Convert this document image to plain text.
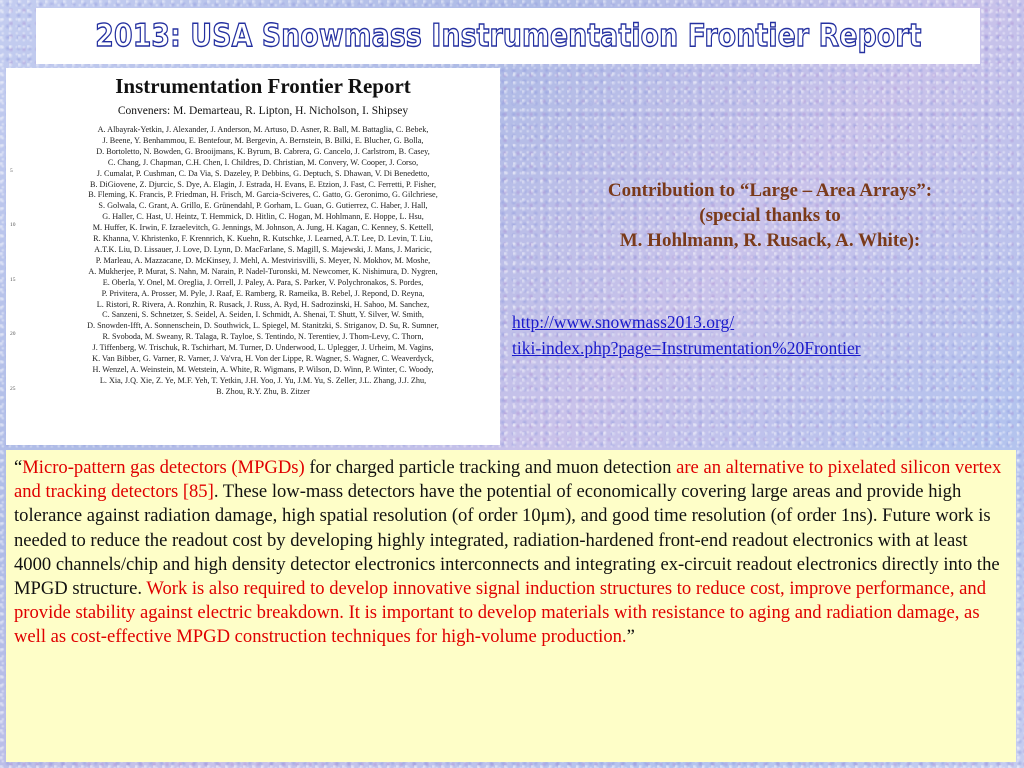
2013: USA Snowmass Instrumentation Frontier Report
5
10
15
20
25
Instrumentation Frontier Report
Conveners: M. Demarteau, R. Lipton, H. Nicholson, I. Shipsey
A. Albayrak-Yetkin, J. Alexander, J. Anderson, M. Artuso, D. Asner, R. Ball, M. Battaglia, C. Bebek,
J. Beene, Y. Benhammou, E. Bentefour, M. Bergevin, A. Bernstein, B. Bilki, E. Blucher, G. Bolla,
D. Bortoletto, N. Bowden, G. Brooijmans, K. Byrum, B. Cabrera, G. Cancelo, J. Carlstrom, B. Casey,
C. Chang, J. Chapman, C.H. Chen, I. Childres, D. Christian, M. Convery, W. Cooper, J. Corso,
J. Cumalat, P. Cushman, C. Da Via, S. Dazeley, P. Debbins, G. Deptuch, S. Dhawan, V. Di Benedetto,
B. DiGiovene, Z. Djurcic, S. Dye, A. Elagin, J. Estrada, H. Evans, E. Etzion, J. Fast, C. Ferretti, P. Fisher,
B. Fleming, K. Francis, P. Friedman, H. Frisch, M. Garcia-Sciveres, C. Gatto, G. Geronimo, G. Gilchriese,
S. Golwala, C. Grant, A. Grillo, E. Grünendahl, P. Gorham, L. Guan, G. Gutierrez, C. Haber, J. Hall,
G. Haller, C. Hast, U. Heintz, T. Hemmick, D. Hitlin, C. Hogan, M. Hohlmann, E. Hoppe, L. Hsu,
M. Huffer, K. Irwin, F. Izraelevitch, G. Jennings, M. Johnson, A. Jung, H. Kagan, C. Kenney, S. Kettell,
R. Khanna, V. Khristenko, F. Krennrich, K. Kuehn, R. Kutschke, J. Learned, A.T. Lee, D. Levin, T. Liu,
A.T.K. Liu, D. Lissauer, J. Love, D. Lynn, D. MacFarlane, S. Magill, S. Majewski, J. Mans, J. Maricic,
P. Marleau, A. Mazzacane, D. McKinsey, J. Mehl, A. Mestvirisvilli, S. Meyer, N. Mokhov, M. Moshe,
A. Mukherjee, P. Murat, S. Nahn, M. Narain, P. Nadel-Turonski, M. Newcomer, K. Nishimura, D. Nygren,
E. Oberla, Y. Onel, M. Oreglia, J. Orrell, J. Paley, A. Para, S. Parker, V. Polychronakos, S. Pordes,
P. Privitera, A. Prosser, M. Pyle, J. Raaf, E. Ramberg, R. Rameika, B. Rebel, J. Repond, D. Reyna,
L. Ristori, R. Rivera, A. Ronzhin, R. Rusack, J. Russ, A. Ryd, H. Sadrozinski, H. Sahoo, M. Sanchez,
C. Sanzeni, S. Schnetzer, S. Seidel, A. Seiden, I. Schmidt, A. Shenai, T. Shutt, Y. Silver, W. Smith,
D. Snowden-Ifft, A. Sonnenschein, D. Southwick, L. Spiegel, M. Stanitzki, S. Striganov, D. Su, R. Sumner,
R. Svoboda, M. Sweany, R. Talaga, R. Tayloe, S. Tentindo, N. Terentiev, J. Thom-Levy, C. Thorn,
J. Tiffenberg, W. Trischuk, R. Tschirhart, M. Turner, D. Underwood, L. Uplegger, J. Urheim, M. Vagins,
K. Van Bibber, G. Varner, R. Varner, J. Va'vra, H. Von der Lippe, R. Wagner, S. Wagner, C. Weaverdyck,
H. Wenzel, A. Weinstein, M. Wetstein, A. White, R. Wigmans, P. Wilson, D. Winn, P. Winter, C. Woody,
L. Xia, J.Q. Xie, Z. Ye, M.F. Yeh, T. Yetkin, J.H. Yoo, J. Yu, J.M. Yu, S. Zeller, J.L. Zhang, J.J. Zhu,
B. Zhou, R.Y. Zhu, B. Zitzer
Contribution to “Large – Area Arrays”:
(special thanks to
M. Hohlmann, R. Rusack, A. White):
http://www.snowmass2013.org/
tiki-index.php?page=Instrumentation%20Frontier
“Micro-pattern gas detectors (MPGDs) for charged particle tracking and muon detection are an alternative to pixelated silicon vertex and tracking detectors [85]. These low-mass detectors have the potential of economically covering large areas and provide high tolerance against radiation damage, high spatial resolution (of order 10μm), and good time resolution (of order 1ns). Future work is needed to reduce the readout cost by developing highly integrated, radiation-hardened front-end readout electronics with at least 4000 channels/chip and high density detector electronics interconnects and integrating ex-circuit readout electronics directly into the MPGD structure. Work is also required to develop innovative signal induction structures to reduce cost, improve performance, and provide stability against electric breakdown. It is important to develop materials with resistance to aging and radiation damage, as well as cost-effective MPGD construction techniques for high-volume production.”
